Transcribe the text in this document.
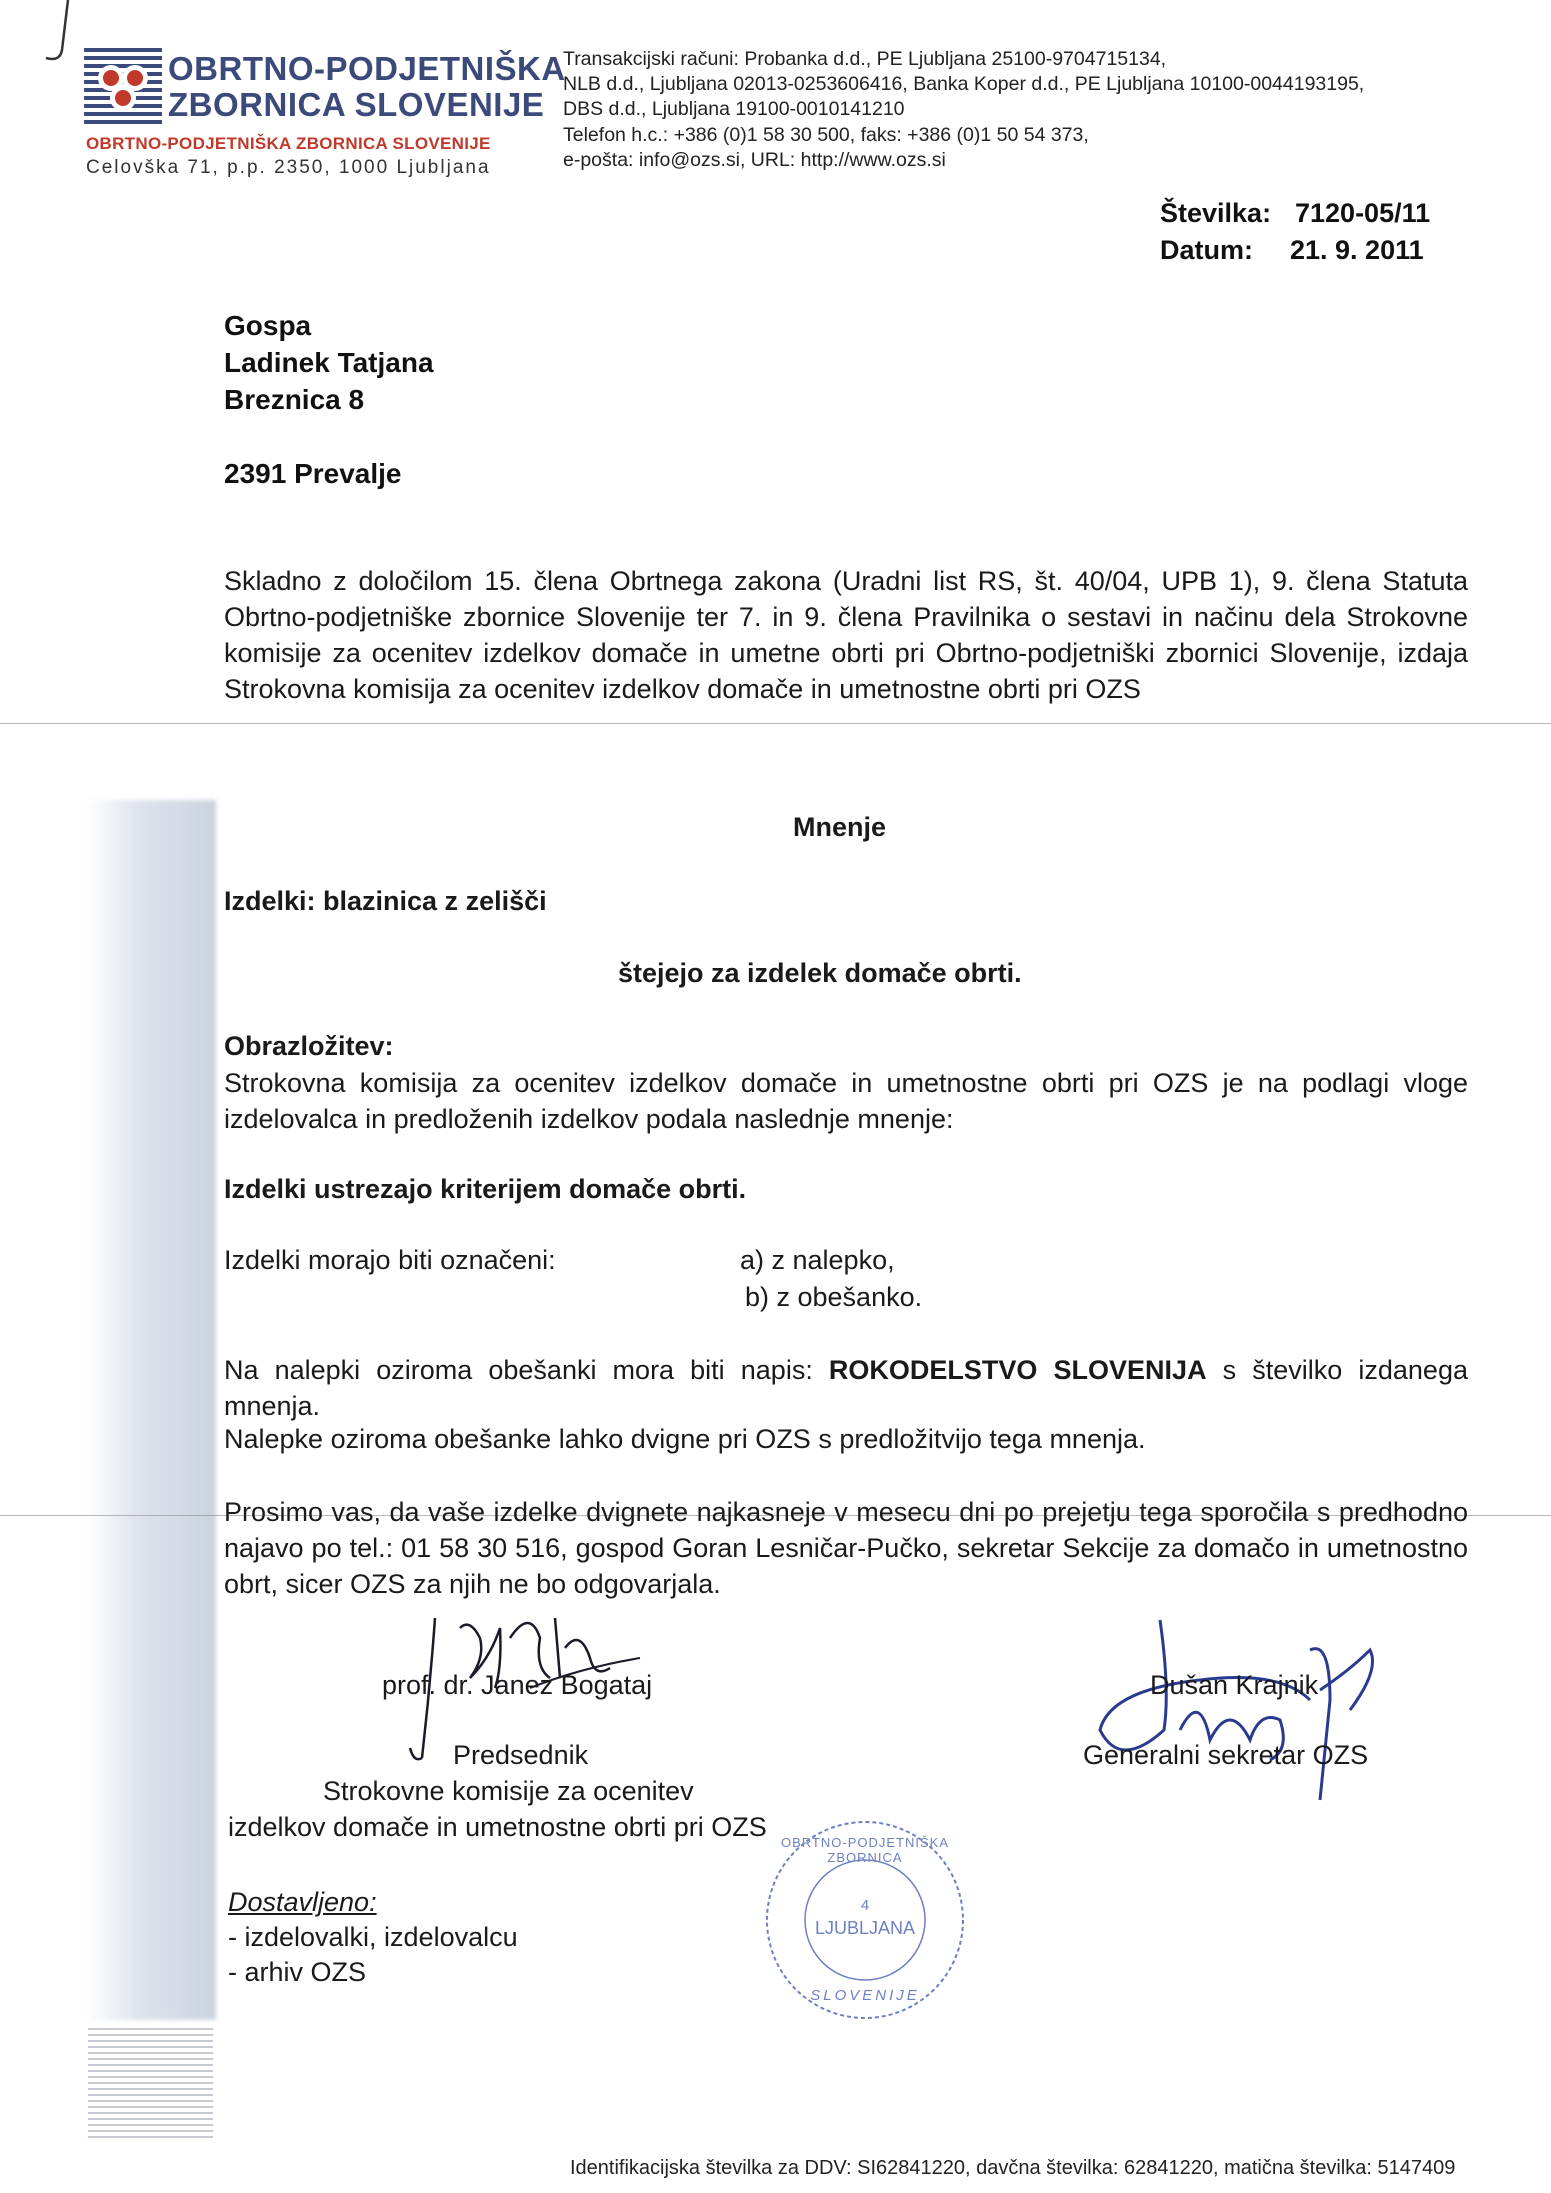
OBRTNO-PODJETNIŠKA
ZBORNICA SLOVENIJE
OBRTNO-PODJETNIŠKA ZBORNICA SLOVENIJE
Celovška 71, p.p. 2350, 1000 Ljubljana
Transakcijski računi: Probanka d.d., PE Ljubljana 25100-9704715134,
NLB d.d., Ljubljana 02013-0253606416, Banka Koper d.d., PE Ljubljana 10100-0044193195,
DBS d.d., Ljubljana 19100-0010141210
Telefon h.c.: +386 (0)1 58 30 500, faks: +386 (0)1 50 54 373,
e-pošta: info@ozs.si, URL: http://www.ozs.si
Številka: 7120-05/11
Datum: 21. 9. 2011
Gospa
Ladinek Tatjana
Breznica 8
2391 Prevalje
Skladno z določilom 15. člena Obrtnega zakona (Uradni list RS, št. 40/04, UPB 1), 9. člena Statuta Obrtno-podjetniške zbornice Slovenije ter 7. in 9. člena Pravilnika o sestavi in načinu dela Strokovne komisije za ocenitev izdelkov domače in umetne obrti pri Obrtno-podjetniški zbornici Slovenije, izdaja Strokovna komisija za ocenitev izdelkov domače in umetnostne obrti pri OZS
Mnenje
Izdelki: blazinica z zelišči
štejejo za izdelek domače obrti.
Obrazložitev:
Strokovna komisija za ocenitev izdelkov domače in umetnostne obrti pri OZS je na podlagi vloge izdelovalca in predloženih izdelkov podala naslednje mnenje:
Izdelki ustrezajo kriterijem domače obrti.
Izdelki morajo biti označeni:	a) z nalepko,
b) z obešanko.
Na nalepki oziroma obešanki mora biti napis: ROKODELSTVO SLOVENIJA s številko izdanega mnenja.
Nalepke oziroma obešanke lahko dvigne pri OZS s predložitvijo tega mnenja.
Prosimo vas, da vaše izdelke dvignete najkasneje v mesecu dni po prejetju tega sporočila s predhodno najavo po tel.: 01 58 30 516, gospod Goran Lesničar-Pučko, sekretar Sekcije za domačo in umetnostno obrt, sicer OZS za njih ne bo odgovarjala.
prof. dr. Janez Bogataj
Predsednik
Strokovne komisije za ocenitev
izdelkov domače in umetnostne obrti pri OZS
Dušan Krajnik
Generalni sekretar OZS
OBRTNO-PODJETNIŠKA ZBORNICA
4
LJUBLJANA
SLOVENIJE
Dostavljeno:
- izdelovalki, izdelovalcu
- arhiv OZS
Identifikacijska številka za DDV: SI62841220, davčna številka: 62841220, matična številka: 5147409
